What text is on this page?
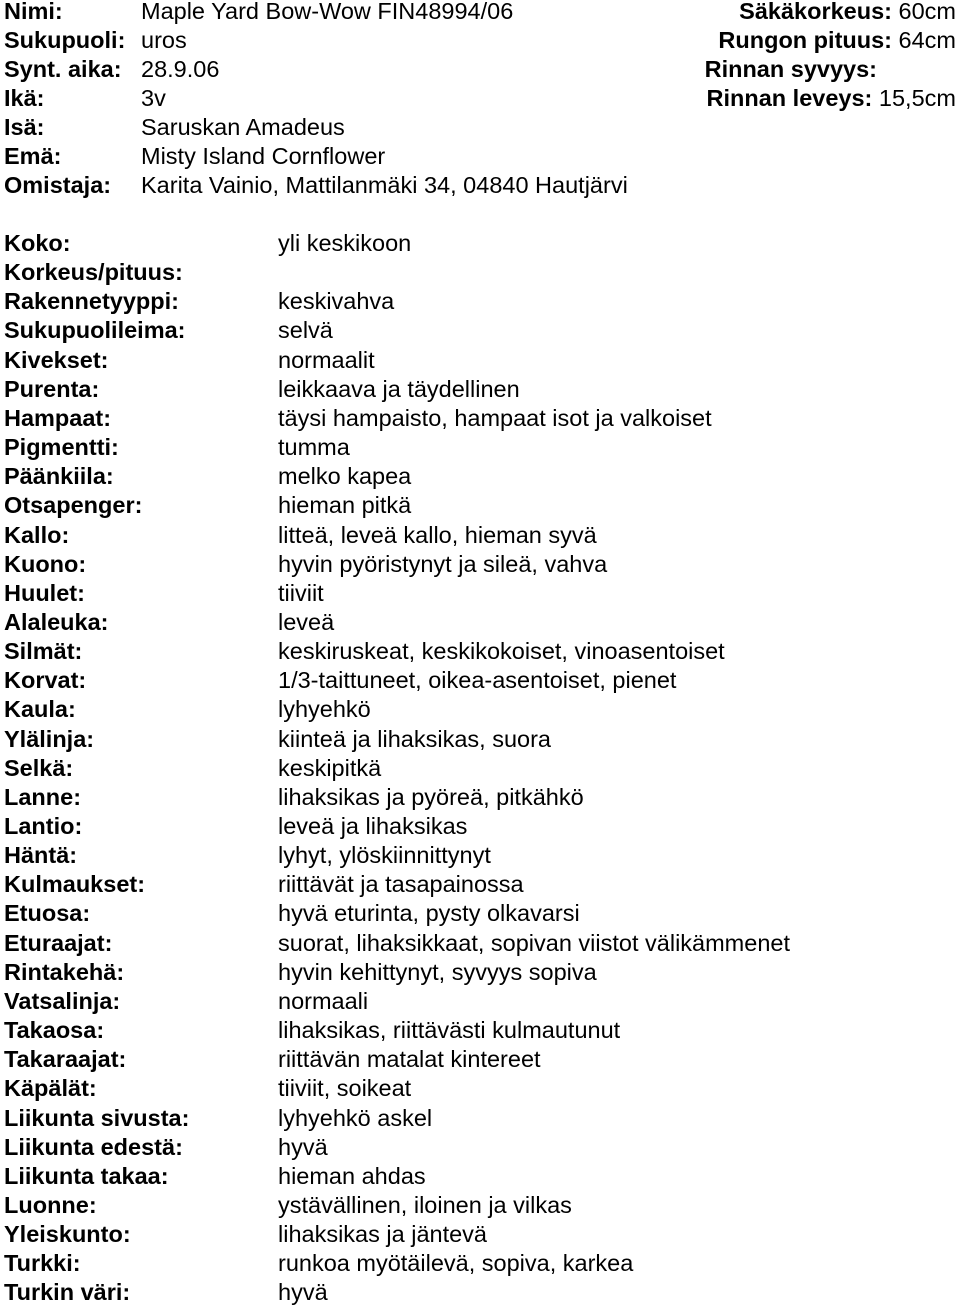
Nimi:	Maple Yard Bow-Wow FIN48994/06
Sukupuoli: uros
Synt. aika: 28.9.06
Ikä:	3v
Isä:	Saruskan Amadeus
Emä:	Misty Island Cornflower
Omistaja: Karita Vainio, Mattilanmäki 34, 04840 Hautjärvi
Säkäkorkeus: 60cm
Rungon pituus: 64cm
Rinnan syvyys:
Rinnan leveys: 15,5cm
Koko:	yli keskikoon
Korkeus/pituus:
Rakennetyyppi:	keskivahva
Sukupuolileima:	selvä
Kivekset:	normaalit
Purenta:	leikkaava ja täydellinen
Hampaat:	täysi hampaisto, hampaat isot ja valkoiset
Pigmentti:	tumma
Päänkiila:	melko kapea
Otsapenger:	hieman pitkä
Kallo:	litteä, leveä kallo, hieman syvä
Kuono:	hyvin pyöristynyt ja sileä, vahva
Huulet:	tiiviit
Alaleuka:	leveä
Silmät:	keskiruskeat, keskikokoiset, vinoasentoiset
Korvat:	1/3-taittuneet, oikea-asentoiset, pienet
Kaula:	lyhyehkö
Ylälinja:	kiinteä ja lihaksikas, suora
Selkä:	keskipitkä
Lanne:	lihaksikas ja pyöreä, pitkähkö
Lantio:	leveä ja lihaksikas
Häntä:	lyhyt, ylöskiinnittynyt
Kulmaukset:	riittävät ja tasapainossa
Etuosa:	hyvä eturinta, pysty olkavarsi
Eturaajat:	suorat, lihaksikkaat, sopivan viistot välikämmenet
Rintakehä:	hyvin kehittynyt, syvyys sopiva
Vatsalinja:	normaali
Takaosa:	lihaksikas, riittävästi kulmautunut
Takaraajat:	riittävän matalat kintereet
Käpälät:	tiiviit, soikeat
Liikunta sivusta:	lyhyehkö askel
Liikunta edestä:	hyvä
Liikunta takaa:	hieman ahdas
Luonne:	ystävällinen, iloinen ja vilkas
Yleiskunto:	lihaksikas ja jäntevä
Turkki:	runkoa myötäilevä, sopiva, karkea
Turkin väri:	hyvä
